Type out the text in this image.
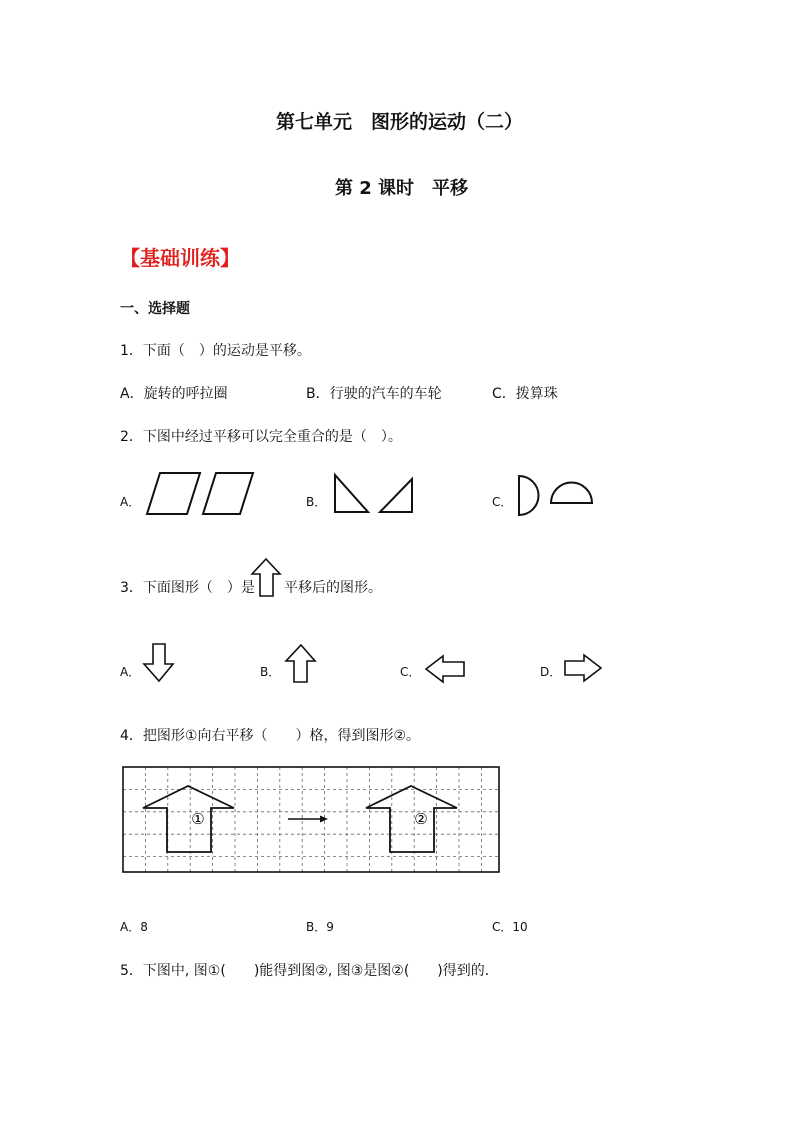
第七单元　图形的运动（二）
第 2 课时　平移
【基础训练】
一、选择题
1．下面（　）的运动是平移。
A．旋转的呼拉圈	B．行驶的汽车的车轮	C．拨算珠
2．下图中经过平移可以完全重合的是（　）。
A．	B．	C．
3．下面图形（　）是 平移后的图形。
A．	B．	C．	D．
4．把图形①向右平移（　　）格，得到图形②。
①	②
A．8	B．9	C．10
5．下图中, 图①(　　)能得到图②, 图③是图②(　　)得到的．
